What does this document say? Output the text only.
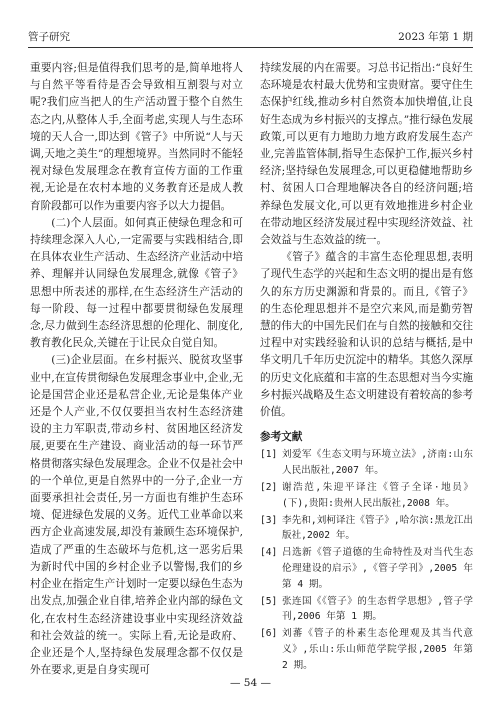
管子研究	2023 年第 1 期

重要内容;但是值得我们思考的是,简单地将人与自然平等看待是否会导致相互割裂与对立呢?我们应当把人的生产活动置于整个自然生态之内,从整体人手,全面考虑,实现人与生态环境的天人合一,即达到《管子》中所说“人与天调,天地之美生”的理想境界。当然同时不能轻视对绿色发展理念在教育宣传方面的工作重视,无论是在农村本地的义务教育还是成人教育阶段都可以作为重要内容予以大力提倡。

(二)个人层面。如何真正使绿色理念和可持续理念深入人心,一定需要与实践相结合,即在具体农业生产活动、生态经济产业活动中培养、理解并认同绿色发展理念,就像《管子》思想中所表述的那样,在生态经济生产活动的每一阶段、每一过程中都要贯彻绿色发展理念,尽力做到生态经济思想的伦理化、制度化,教育教化民众,关键在于让民众自觉自知。

(三)企业层面。在乡村振兴、脱贫攻坚事业中,在宣传贯彻绿色发展理念事业中,企业,无论是国营企业还是私营企业,无论是集体产业还是个人产业,不仅仅要担当农村生态经济建设的主力军职责,带动乡村、贫困地区经济发展,更要在生产建设、商业活动的每一环节严格贯彻落实绿色发展理念。企业不仅是社会中的一个单位,更是自然界中的一分子,企业一方面要承担社会责任,另一方面也有维护生态环境、促进绿色发展的义务。近代工业革命以来西方企业高速发展,却没有兼顾生态环境保护,造成了严重的生态破坏与危机,这一恶劣后果为新时代中国的乡村企业予以警惕,我们的乡村企业在指定生产计划时一定要以绿色生态为出发点,加强企业自律,培养企业内部的绿色文化,在农村生态经济建设事业中实现经济效益和社会效益的统一。实际上看,无论是政府、企业还是个人,坚持绿色发展理念都不仅仅是外在要求,更是自身实现可

持续发展的内在需要。习总书记指出:“良好生态环境是农村最大优势和宝贵财富。要守住生态保护红线,推动乡村自然资本加快增值,让良好生态成为乡村振兴的支撑点。”推行绿色发展政策,可以更有力地助力地方政府发展生态产业,完善监管体制,指导生态保护工作,振兴乡村经济;坚持绿色发展理念,可以更稳健地帮助乡村、贫困人口合理地解决各自的经济问题;培养绿色发展文化,可以更有效地推进乡村企业在带动地区经济发展过程中实现经济效益、社会效益与生态效益的统一。

《管子》蕴含的丰富生态伦理思想,表明了现代生态学的兴起和生态文明的提出是有悠久的东方历史渊源和背景的。而且,《管子》的生态伦理思想并不是空穴来风,而是勤劳智慧的伟大的中国先民们在与自然的接触和交往过程中对实践经验和认识的总结与概括,是中华文明几千年历史沉淀中的精华。其悠久深厚的历史文化底蕴和丰富的生态思想对当今实施乡村振兴战略及生态文明建设有着较高的参考价值。

参考文献
[1] 刘爱军《生态文明与环境立法》,济南:山东人民出版社,2007 年。
[2] 谢浩范,朱迎平译注《管子全译·地员》(下),贵阳:贵州人民出版社,2008 年。
[3] 李先和,刘柯译注《管子》,哈尔滨:黑龙江出版社,2002 年。
[4] 吕选新《管子道德的生命特性及对当代生态伦理建设的启示》,《管子学刊》,2005 年第 4 期。
[5] 张连国《《管子》的生态哲学思想》,管子学刊,2006 年第 1 期。
[6] 刘蕃《管子的朴素生态伦理观及其当代意义》,乐山:乐山师范学院学报,2005 年第 2 期。
— 54 —
